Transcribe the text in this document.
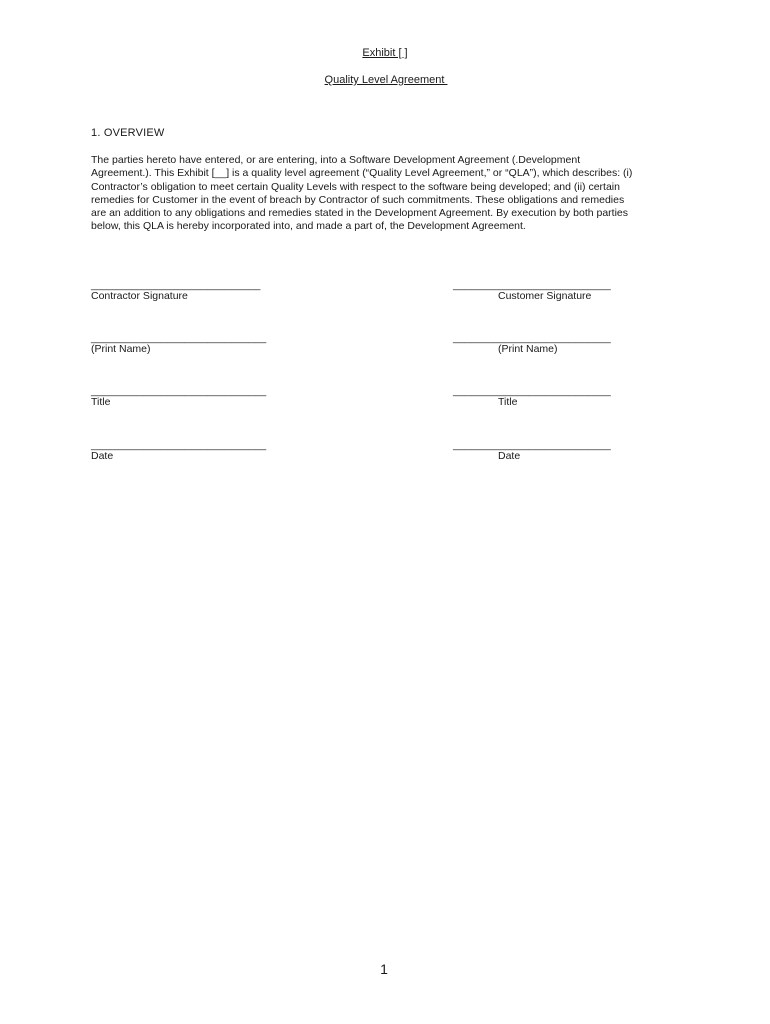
Exhibit [ ]
Quality Level Agreement
1. OVERVIEW
The parties hereto have entered, or are entering, into a Software Development Agreement (.Development
Agreement.). This Exhibit [__] is a quality level agreement (“Quality Level Agreement,” or “QLA”), which describes: (i)
Contractor’s obligation to meet certain Quality Levels with respect to the software being developed; and (ii) certain
remedies for Customer in the event of breach by Contractor of such commitments. These obligations and remedies
are an addition to any obligations and remedies stated in the Development Agreement. By execution by both parties
below, this QLA is hereby incorporated into, and made a part of, the Development Agreement.
_____________________________
Contractor Signature
______________________________
(Print Name)
______________________________
Title
______________________________
Date
___________________________
Customer Signature
___________________________
(Print Name)
___________________________
Title
___________________________
Date
1
